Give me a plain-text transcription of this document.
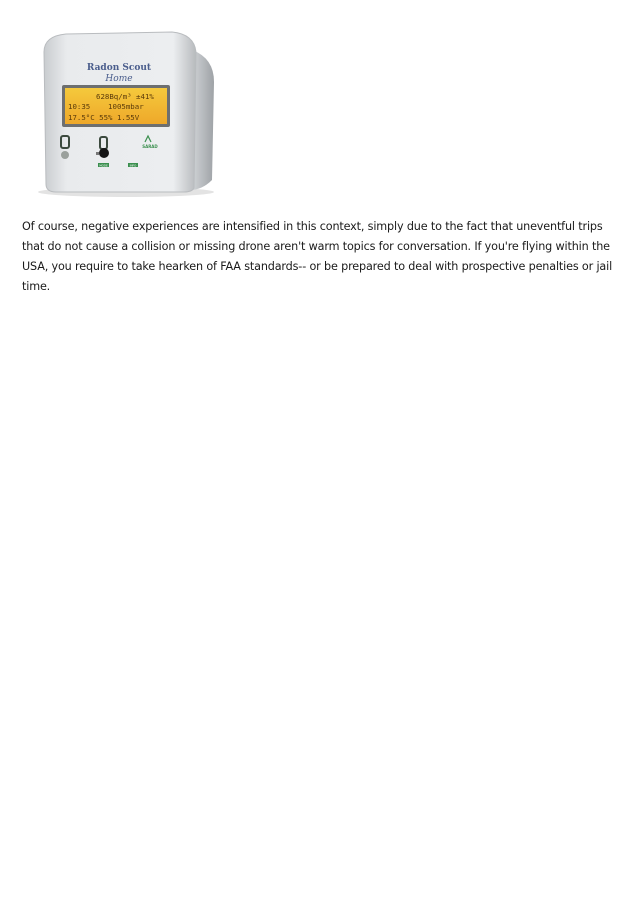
Radon Scout
Home
628Bq/m³ ±41%
10:35    1005mbar
17.5°C 55% 1.55V
MODE	INFO
SARAD

Of course, negative experiences are intensified in this context, simply due to the fact that uneventful trips that do not cause a collision or missing drone aren't warm topics for conversation. If you're flying within the USA, you require to take hearken of FAA standards-- or be prepared to deal with prospective penalties or jail time.
